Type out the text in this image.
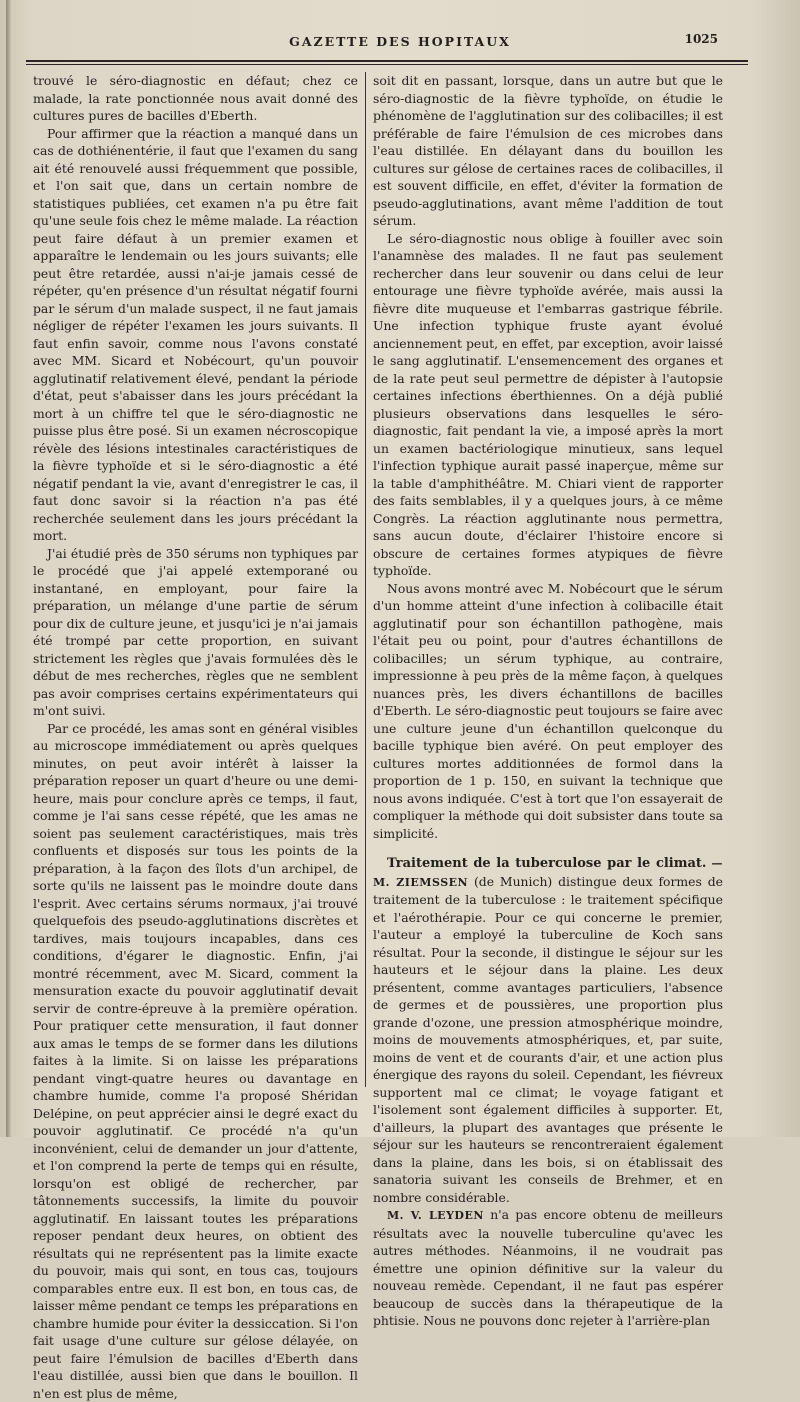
GAZETTE DES HOPITAUX	1025

trouvé le séro-diagnostic en défaut; chez ce malade, la rate ponctionnée nous avait donné des cultures pures de bacilles d'Eberth.

Pour affirmer que la réaction a manqué dans un cas de dothiénentérie, il faut que l'examen du sang ait été renouvelé aussi fréquemment que possible, et l'on sait que, dans un certain nombre de statistiques publiées, cet examen n'a pu être fait qu'une seule fois chez le même malade. La réaction peut faire défaut à un premier examen et apparaître le lendemain ou les jours suivants; elle peut être retardée, aussi n'ai-je jamais cessé de répéter, qu'en présence d'un résultat négatif fourni par le sérum d'un malade suspect, il ne faut jamais négliger de répéter l'examen les jours suivants. Il faut enfin savoir, comme nous l'avons constaté avec MM. Sicard et Nobécourt, qu'un pouvoir agglutinatif relativement élevé, pendant la période d'état, peut s'abaisser dans les jours précédant la mort à un chiffre tel que le séro-diagnostic ne puisse plus être posé. Si un examen nécroscopique révèle des lésions intestinales caractéristiques de la fièvre typhoïde et si le séro-diagnostic a été négatif pendant la vie, avant d'enregistrer le cas, il faut donc savoir si la réaction n'a pas été recherchée seulement dans les jours précédant la mort.

J'ai étudié près de 350 sérums non typhiques par le procédé que j'ai appelé extemporané ou instantané, en employant, pour faire la préparation, un mélange d'une partie de sérum pour dix de culture jeune, et jusqu'ici je n'ai jamais été trompé par cette proportion, en suivant strictement les règles que j'avais formulées dès le début de mes recherches, règles que ne semblent pas avoir comprises certains expérimentateurs qui m'ont suivi.

Par ce procédé, les amas sont en général visibles au microscope immédiatement ou après quelques minutes, on peut avoir intérêt à laisser la préparation reposer un quart d'heure ou une demi-heure, mais pour conclure après ce temps, il faut, comme je l'ai sans cesse répété, que les amas ne soient pas seulement caractéristiques, mais très confluents et disposés sur tous les points de la préparation, à la façon des îlots d'un archipel, de sorte qu'ils ne laissent pas le moindre doute dans l'esprit. Avec certains sérums normaux, j'ai trouvé quelquefois des pseudo-agglutinations discrètes et tardives, mais toujours incapables, dans ces conditions, d'égarer le diagnostic. Enfin, j'ai montré récemment, avec M. Sicard, comment la mensuration exacte du pouvoir agglutinatif devait servir de contre-épreuve à la première opération. Pour pratiquer cette mensuration, il faut donner aux amas le temps de se former dans les dilutions faites à la limite. Si on laisse les préparations pendant vingt-quatre heures ou davantage en chambre humide, comme l'a proposé Shéridan Delépine, on peut apprécier ainsi le degré exact du pouvoir agglutinatif. Ce procédé n'a qu'un inconvénient, celui de demander un jour d'attente, et l'on comprend la perte de temps qui en résulte, lorsqu'on est obligé de rechercher, par tâtonnements successifs, la limite du pouvoir agglutinatif. En laissant toutes les préparations reposer pendant deux heures, on obtient des résultats qui ne représentent pas la limite exacte du pouvoir, mais qui sont, en tous cas, toujours comparables entre eux. Il est bon, en tous cas, de laisser même pendant ce temps les préparations en chambre humide pour éviter la dessiccation. Si l'on fait usage d'une culture sur gélose délayée, on peut faire l'émulsion de bacilles d'Eberth dans l'eau distillée, aussi bien que dans le bouillon. Il n'en est plus de même,

soit dit en passant, lorsque, dans un autre but que le séro-diagnostic de la fièvre typhoïde, on étudie le phénomène de l'agglutination sur des colibacilles; il est préférable de faire l'émulsion de ces microbes dans l'eau distillée. En délayant dans du bouillon les cultures sur gélose de certaines races de colibacilles, il est souvent difficile, en effet, d'éviter la formation de pseudo-agglutinations, avant même l'addition de tout sérum.

Le séro-diagnostic nous oblige à fouiller avec soin l'anamnèse des malades. Il ne faut pas seulement rechercher dans leur souvenir ou dans celui de leur entourage une fièvre typhoïde avérée, mais aussi la fièvre dite muqueuse et l'embarras gastrique fébrile. Une infection typhique fruste ayant évolué anciennement peut, en effet, par exception, avoir laissé le sang agglutinatif. L'ensemencement des organes et de la rate peut seul permettre de dépister à l'autopsie certaines infections éberthiennes. On a déjà publié plusieurs observations dans lesquelles le séro-diagnostic, fait pendant la vie, a imposé après la mort un examen bactériologique minutieux, sans lequel l'infection typhique aurait passé inaperçue, même sur la table d'amphithéâtre. M. Chiari vient de rapporter des faits semblables, il y a quelques jours, à ce même Congrès. La réaction agglutinante nous permettra, sans aucun doute, d'éclairer l'histoire encore si obscure de certaines formes atypiques de fièvre typhoïde.

Nous avons montré avec M. Nobécourt que le sérum d'un homme atteint d'une infection à colibacille était agglutinatif pour son échantillon pathogène, mais l'était peu ou point, pour d'autres échantillons de colibacilles; un sérum typhique, au contraire, impressionne à peu près de la même façon, à quelques nuances près, les divers échantillons de bacilles d'Eberth. Le séro-diagnostic peut toujours se faire avec une culture jeune d'un échantillon quelconque du bacille typhique bien avéré. On peut employer des cultures mortes additionnées de formol dans la proportion de 1 p. 150, en suivant la technique que nous avons indiquée. C'est à tort que l'on essayerait de compliquer la méthode qui doit subsister dans toute sa simplicité.

Traitement de la tuberculose par le climat. — M. ZIEMSSEN (de Munich) distingue deux formes de traitement de la tuberculose : le traitement spécifique et l'aérothérapie. Pour ce qui concerne le premier, l'auteur a employé la tuberculine de Koch sans résultat. Pour la seconde, il distingue le séjour sur les hauteurs et le séjour dans la plaine. Les deux présentent, comme avantages particuliers, l'absence de germes et de poussières, une proportion plus grande d'ozone, une pression atmosphérique moindre, moins de mouvements atmosphériques, et, par suite, moins de vent et de courants d'air, et une action plus énergique des rayons du soleil. Cependant, les fiévreux supportent mal ce climat; le voyage fatigant et l'isolement sont également difficiles à supporter. Et, d'ailleurs, la plupart des avantages que présente le séjour sur les hauteurs se rencontreraient également dans la plaine, dans les bois, si on établissait des sanatoria suivant les conseils de Brehmer, et en nombre considérable.

M. V. LEYDEN n'a pas encore obtenu de meilleurs résultats avec la nouvelle tuberculine qu'avec les autres méthodes. Néanmoins, il ne voudrait pas émettre une opinion définitive sur la valeur du nouveau remède. Cependant, il ne faut pas espérer beaucoup de succès dans la thérapeutique de la phtisie. Nous ne pouvons donc rejeter à l'arrière-plan
